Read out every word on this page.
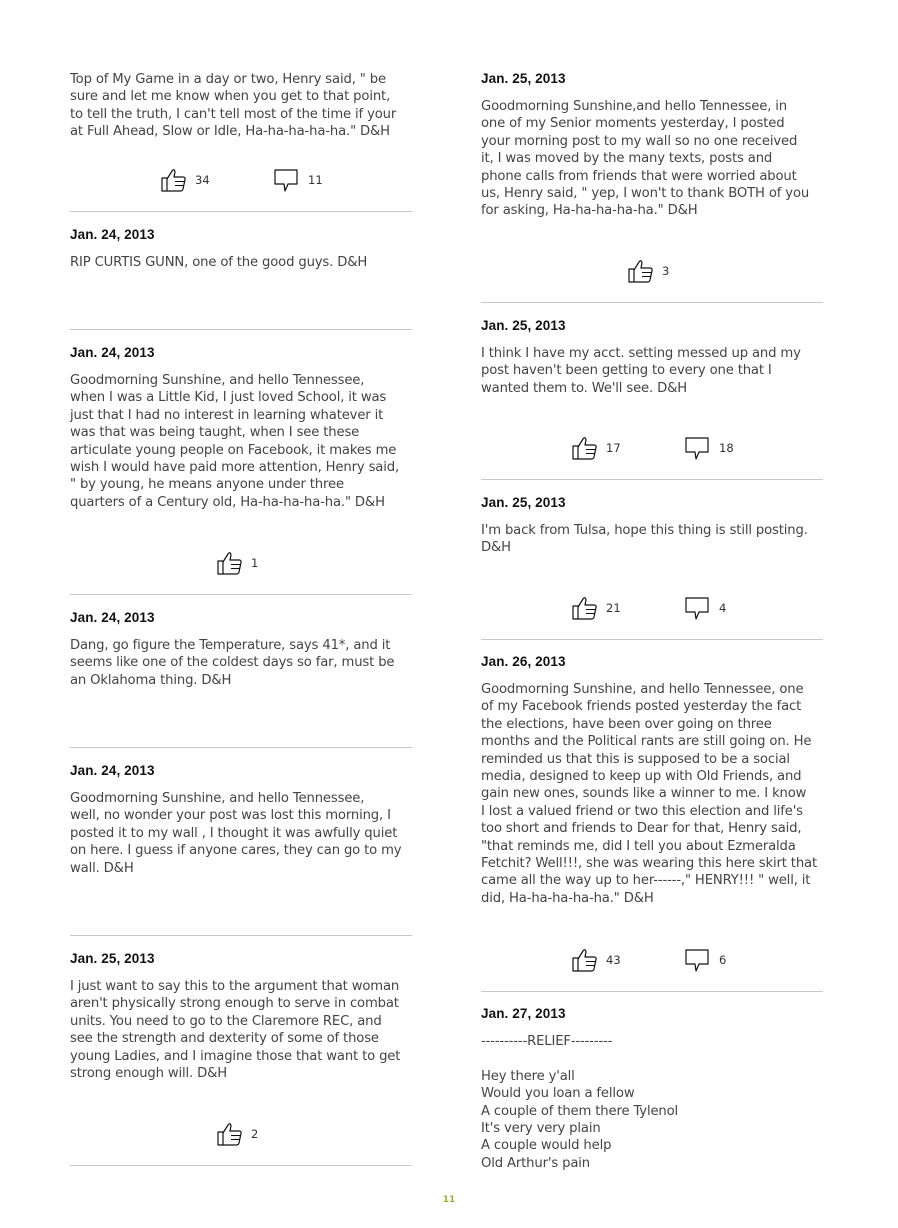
Top of My Game in a day or two, Henry said, " be
sure and let me know when you get to that point,
to tell the truth, I can't tell most of the time if your
at Full Ahead, Slow or Idle, Ha-ha-ha-ha-ha." D&H
34	11
Jan. 24, 2013
RIP CURTIS GUNN, one of the good guys. D&H
Jan. 24, 2013
Goodmorning Sunshine, and hello Tennessee,
when I was a Little Kid, I just loved School, it was
just that I had no interest in learning whatever it
was that was being taught, when I see these
articulate young people on Facebook, it makes me
wish I would have paid more attention, Henry said,
" by young, he means anyone under three
quarters of a Century old, Ha-ha-ha-ha-ha." D&H
1
Jan. 24, 2013
Dang, go figure the Temperature, says 41*, and it
seems like one of the coldest days so far, must be
an Oklahoma thing. D&H
Jan. 24, 2013
Goodmorning Sunshine, and hello Tennessee,
well, no wonder your post was lost this morning, I
posted it to my wall , I thought it was awfully quiet
on here. I guess if anyone cares, they can go to my
wall. D&H
Jan. 25, 2013
I just want to say this to the argument that woman
aren't physically strong enough to serve in combat
units. You need to go to the Claremore REC, and
see the strength and dexterity of some of those
young Ladies, and I imagine those that want to get
strong enough will. D&H
2
Jan. 25, 2013
Goodmorning Sunshine,and hello Tennessee, in
one of my Senior moments yesterday, I posted
your morning post to my wall so no one received
it, I was moved by the many texts, posts and
phone calls from friends that were worried about
us, Henry said, " yep, I won't to thank BOTH of you
for asking, Ha-ha-ha-ha-ha." D&H
3
Jan. 25, 2013
I think I have my acct. setting messed up and my
post haven't been getting to every one that I
wanted them to. We'll see. D&H
17	18
Jan. 25, 2013
I'm back from Tulsa, hope this thing is still posting.
D&H
21	4
Jan. 26, 2013
Goodmorning Sunshine, and hello Tennessee, one
of my Facebook friends posted yesterday the fact
the elections, have been over going on three
months and the Political rants are still going on. He
reminded us that this is supposed to be a social
media, designed to keep up with Old Friends, and
gain new ones, sounds like a winner to me. I know
I lost a valued friend or two this election and life's
too short and friends to Dear for that, Henry said,
"that reminds me, did I tell you about Ezmeralda
Fetchit? Well!!!, she was wearing this here skirt that
came all the way up to her------," HENRY!!! " well, it
did, Ha-ha-ha-ha-ha." D&H
43	6
Jan. 27, 2013
----------RELIEF---------

Hey there y'all
Would you loan a fellow
A couple of them there Tylenol
It's very very plain
A couple would help
Old Arthur's pain
11
